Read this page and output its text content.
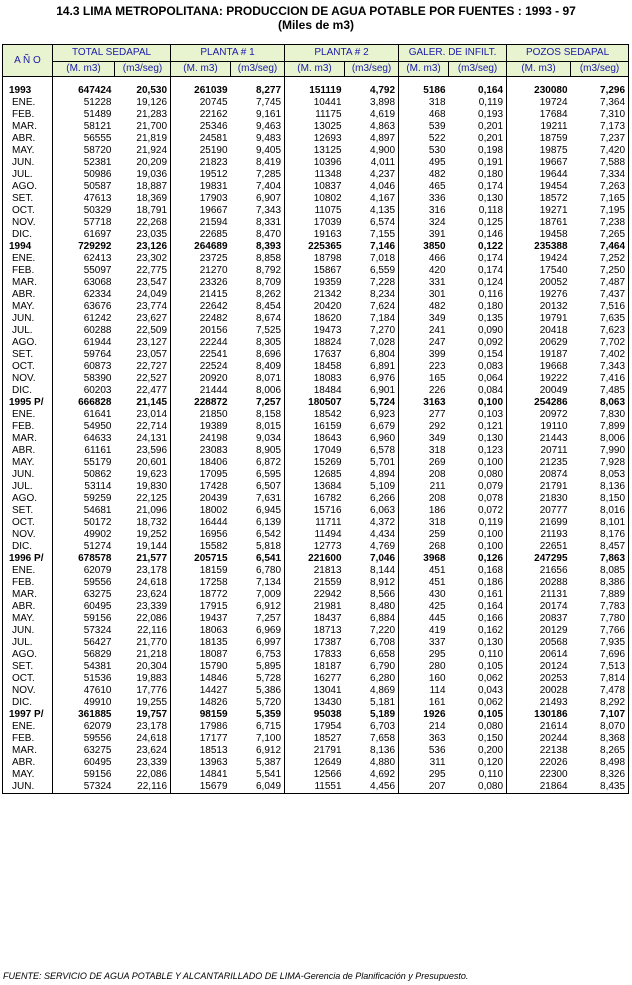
14.3 LIMA METROPOLITANA: PRODUCCION DE AGUA POTABLE POR FUENTES : 1993 - 97
(Miles de m3)
A Ñ O	TOTAL SEDAPAL		PLANTA # 1		PLANTA # 2		GALER. DE INFILT.		POZOS SEDAPAL	
	(M. m3)	(m3/seg)	(M. m3)	(m3/seg)	(M. m3)	(m3/seg)	(M. m3)	(m3/seg)	(M. m3)	(m3/seg)

1993	647424	20,530	261039	8,277	151119	4,792	5186	0,164	230080	7,296
ENE.	51228	19,126	20745	7,745	10441	3,898	318	0,119	19724	7,364
FEB.	51489	21,283	22162	9,161	11175	4,619	468	0,193	17684	7,310
MAR.	58121	21,700	25346	9,463	13025	4,863	539	0,201	19211	7,173
ABR.	56555	21,819	24581	9,483	12693	4,897	522	0,201	18759	7,237
MAY.	58720	21,924	25190	9,405	13125	4,900	530	0,198	19875	7,420
JUN.	52381	20,209	21823	8,419	10396	4,011	495	0,191	19667	7,588
JUL.	50986	19,036	19512	7,285	11348	4,237	482	0,180	19644	7,334
AGO.	50587	18,887	19831	7,404	10837	4,046	465	0,174	19454	7,263
SET.	47613	18,369	17903	6,907	10802	4,167	336	0,130	18572	7,165
OCT.	50329	18,791	19667	7,343	11075	4,135	316	0,118	19271	7,195
NOV.	57718	22,268	21594	8,331	17039	6,574	324	0,125	18761	7,238
DIC.	61697	23,035	22685	8,470	19163	7,155	391	0,146	19458	7,265
1994	729292	23,126	264689	8,393	225365	7,146	3850	0,122	235388	7,464
ENE.	62413	23,302	23725	8,858	18798	7,018	466	0,174	19424	7,252
FEB.	55097	22,775	21270	8,792	15867	6,559	420	0,174	17540	7,250
MAR.	63068	23,547	23326	8,709	19359	7,228	331	0,124	20052	7,487
ABR.	62334	24,049	21415	8,262	21342	8,234	301	0,116	19276	7,437
MAY.	63676	23,774	22642	8,454	20420	7,624	482	0,180	20132	7,516
JUN.	61242	23,627	22482	8,674	18620	7,184	349	0,135	19791	7,635
JUL.	60288	22,509	20156	7,525	19473	7,270	241	0,090	20418	7,623
AGO.	61944	23,127	22244	8,305	18824	7,028	247	0,092	20629	7,702
SET.	59764	23,057	22541	8,696	17637	6,804	399	0,154	19187	7,402
OCT.	60873	22,727	22524	8,409	18458	6,891	223	0,083	19668	7,343
NOV.	58390	22,527	20920	8,071	18083	6,976	165	0,064	19222	7,416
DIC.	60203	22,477	21444	8,006	18484	6,901	226	0,084	20049	7,485
1995 P/	666828	21,145	228872	7,257	180507	5,724	3163	0,100	254286	8,063
ENE.	61641	23,014	21850	8,158	18542	6,923	277	0,103	20972	7,830
FEB.	54950	22,714	19389	8,015	16159	6,679	292	0,121	19110	7,899
MAR.	64633	24,131	24198	9,034	18643	6,960	349	0,130	21443	8,006
ABR.	61161	23,596	23083	8,905	17049	6,578	318	0,123	20711	7,990
MAY.	55179	20,601	18406	6,872	15269	5,701	269	0,100	21235	7,928
JUN.	50862	19,623	17095	6,595	12685	4,894	208	0,080	20874	8,053
JUL.	53114	19,830	17428	6,507	13684	5,109	211	0,079	21791	8,136
AGO.	59259	22,125	20439	7,631	16782	6,266	208	0,078	21830	8,150
SET.	54681	21,096	18002	6,945	15716	6,063	186	0,072	20777	8,016
OCT.	50172	18,732	16444	6,139	11711	4,372	318	0,119	21699	8,101
NOV.	49902	19,252	16956	6,542	11494	4,434	259	0,100	21193	8,176
DIC.	51274	19,144	15582	5,818	12773	4,769	268	0,100	22651	8,457
1996 P/	678578	21,577	205715	6,541	221600	7,046	3968	0,126	247295	7,863
ENE.	62079	23,178	18159	6,780	21813	8,144	451	0,168	21656	8,085
FEB.	59556	24,618	17258	7,134	21559	8,912	451	0,186	20288	8,386
MAR.	63275	23,624	18772	7,009	22942	8,566	430	0,161	21131	7,889
ABR.	60495	23,339	17915	6,912	21981	8,480	425	0,164	20174	7,783
MAY.	59156	22,086	19437	7,257	18437	6,884	445	0,166	20837	7,780
JUN.	57324	22,116	18063	6,969	18713	7,220	419	0,162	20129	7,766
JUL.	56427	21,770	18135	6,997	17387	6,708	337	0,130	20568	7,935
AGO.	56829	21,218	18087	6,753	17833	6,658	295	0,110	20614	7,696
SET.	54381	20,304	15790	5,895	18187	6,790	280	0,105	20124	7,513
OCT.	51536	19,883	14846	5,728	16277	6,280	160	0,062	20253	7,814
NOV.	47610	17,776	14427	5,386	13041	4,869	114	0,043	20028	7,478
DIC.	49910	19,255	14826	5,720	13430	5,181	161	0,062	21493	8,292
1997 P/	361885	19,757	98159	5,359	95038	5,189	1926	0,105	130186	7,107
ENE.	62079	23,178	17986	6,715	17954	6,703	214	0,080	21614	8,070
FEB.	59556	24,618	17177	7,100	18527	7,658	363	0,150	20244	8,368
MAR.	63275	23,624	18513	6,912	21791	8,136	536	0,200	22138	8,265
ABR.	60495	23,339	13963	5,387	12649	4,880	311	0,120	22026	8,498
MAY.	59156	22,086	14841	5,541	12566	4,692	295	0,110	22300	8,326
JUN.	57324	22,116	15679	6,049	11551	4,456	207	0,080	21864	8,435
FUENTE: SERVICIO DE AGUA POTABLE Y ALCANTARILLADO DE LIMA-Gerencia de Planificación y Presupuesto.
